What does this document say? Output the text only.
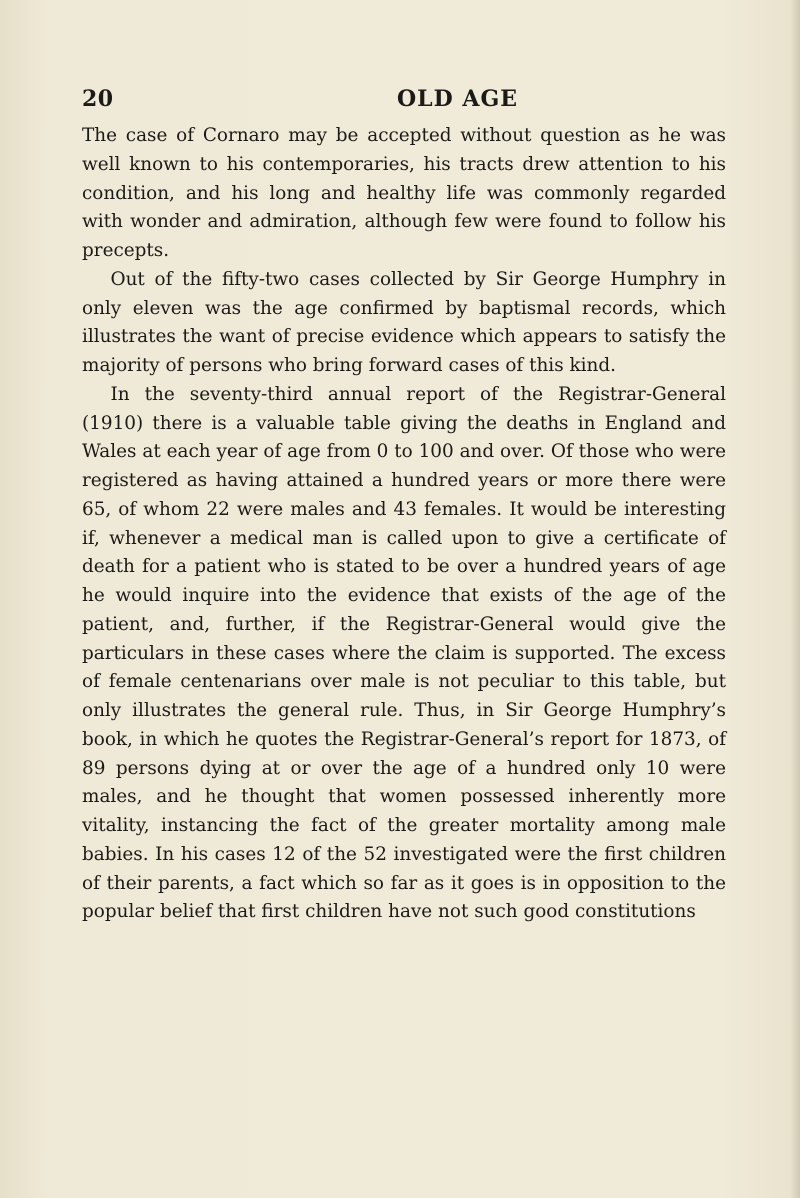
20	OLD AGE

The case of Cornaro may be accepted without question as he was well known to his contemporaries, his tracts drew attention to his condition, and his long and healthy life was commonly regarded with wonder and admiration, although few were found to follow his precepts.

Out of the fifty-two cases collected by Sir George Humphry in only eleven was the age confirmed by baptismal records, which illustrates the want of precise evidence which appears to satisfy the majority of persons who bring forward cases of this kind.

In the seventy-third annual report of the Registrar-General (1910) there is a valuable table giving the deaths in England and Wales at each year of age from 0 to 100 and over. Of those who were registered as having attained a hundred years or more there were 65, of whom 22 were males and 43 females. It would be interesting if, whenever a medical man is called upon to give a certificate of death for a patient who is stated to be over a hundred years of age he would inquire into the evidence that exists of the age of the patient, and, further, if the Registrar-General would give the particulars in these cases where the claim is supported. The excess of female centenarians over male is not peculiar to this table, but only illustrates the general rule. Thus, in Sir George Humphry’s book, in which he quotes the Registrar-General’s report for 1873, of 89 persons dying at or over the age of a hundred only 10 were males, and he thought that women possessed inherently more vitality, instancing the fact of the greater mortality among male babies. In his cases 12 of the 52 investigated were the first children of their parents, a fact which so far as it goes is in opposition to the popular belief that first children have not such good constitutions
